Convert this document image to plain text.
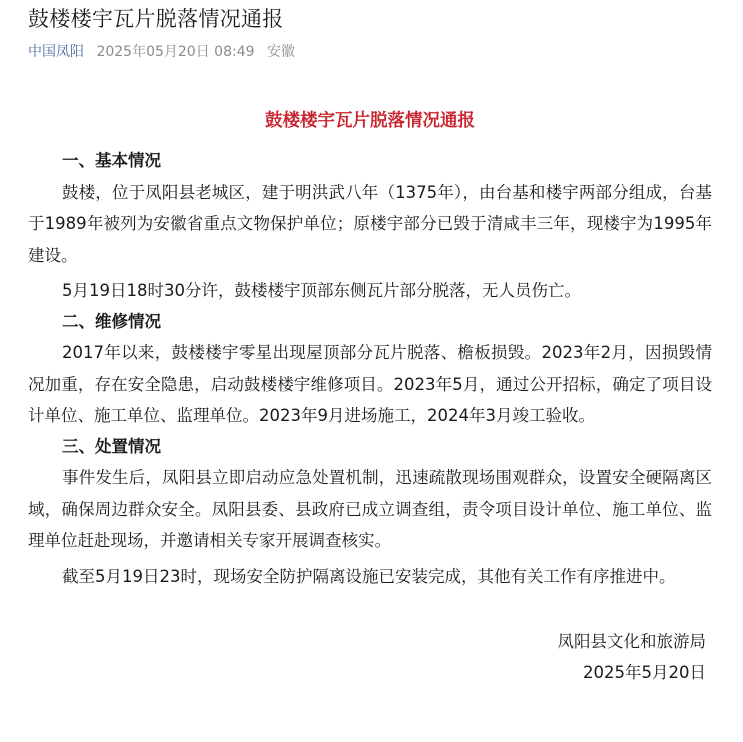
鼓楼楼宇瓦片脱落情况通报
中国凤阳 2025年05月20日 08:49 安徽
鼓楼楼宇瓦片脱落情况通报

一、基本情况

鼓楼，位于凤阳县老城区，建于明洪武八年（1375年），由台基和楼宇两部分组成，台基于1989年被列为安徽省重点文物保护单位；原楼宇部分已毁于清咸丰三年，现楼宇为1995年建设。

5月19日18时30分许，鼓楼楼宇顶部东侧瓦片部分脱落，无人员伤亡。

二、维修情况

2017年以来，鼓楼楼宇零星出现屋顶部分瓦片脱落、檐板损毁。2023年2月，因损毁情况加重，存在安全隐患，启动鼓楼楼宇维修项目。2023年5月，通过公开招标，确定了项目设计单位、施工单位、监理单位。2023年9月进场施工，2024年3月竣工验收。

三、处置情况

事件发生后，凤阳县立即启动应急处置机制，迅速疏散现场围观群众，设置安全硬隔离区域，确保周边群众安全。凤阳县委、县政府已成立调查组，责令项目设计单位、施工单位、监理单位赶赴现场，并邀请相关专家开展调查核实。

截至5月19日23时，现场安全防护隔离设施已安装完成，其他有关工作有序推进中。

凤阳县文化和旅游局
2025年5月20日
